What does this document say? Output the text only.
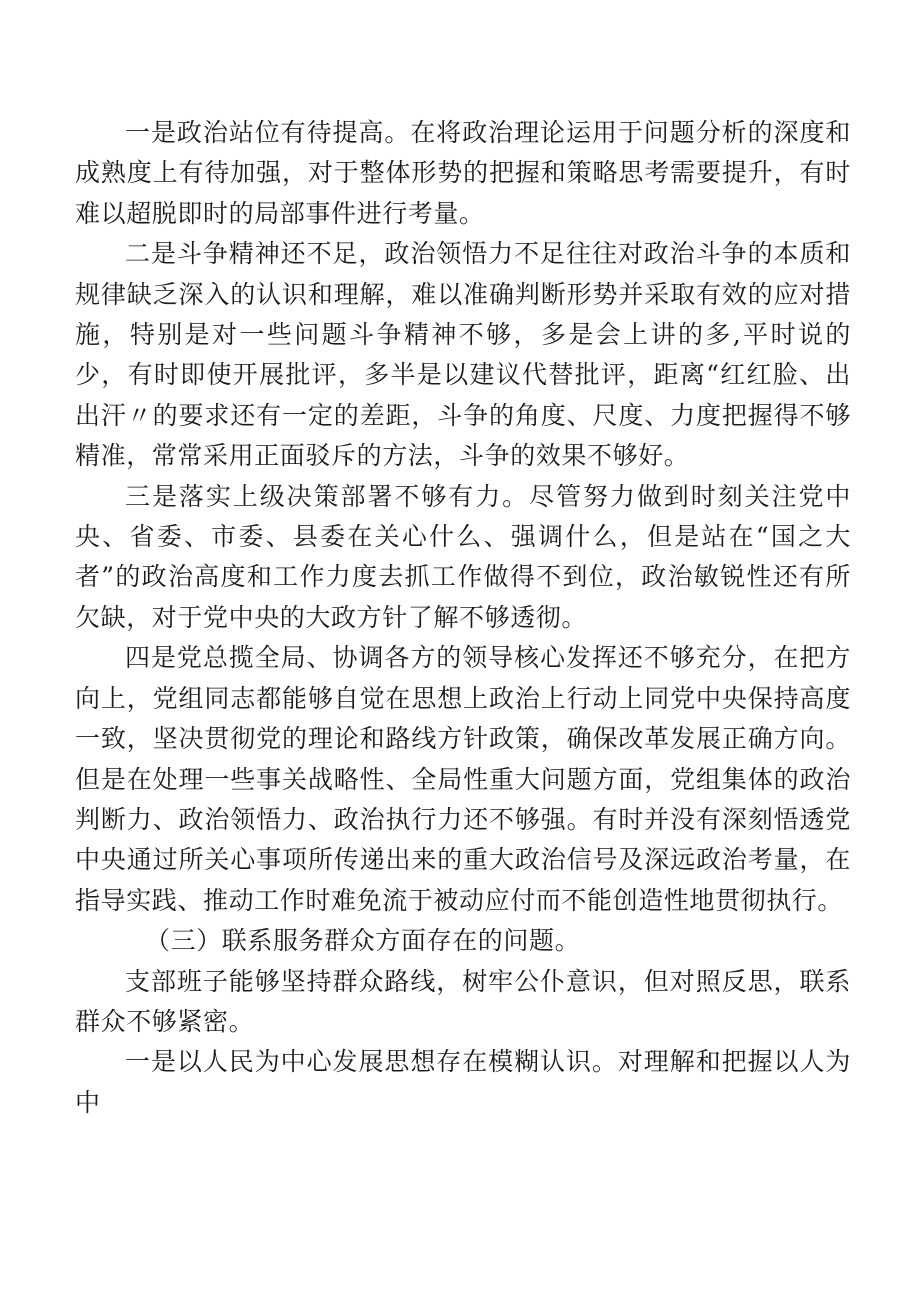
一是政治站位有待提高。在将政治理论运用于问题分析的深度和成熟度上有待加强，对于整体形势的把握和策略思考需要提升，有时难以超脱即时的局部事件进行考量。

二是斗争精神还不足，政治领悟力不足往往对政治斗争的本质和规律缺乏深入的认识和理解，难以准确判断形势并采取有效的应对措施，特别是对一些问题斗争精神不够，多是会上讲的多,平时说的少，有时即使开展批评，多半是以建议代替批评，距离“红红脸、出出汗〃的要求还有一定的差距，斗争的角度、尺度、力度把握得不够精准，常常采用正面驳斥的方法，斗争的效果不够好。

三是落实上级决策部署不够有力。尽管努力做到时刻关注党中央、省委、市委、县委在关心什么、强调什么，但是站在“国之大者”的政治高度和工作力度去抓工作做得不到位，政治敏锐性还有所欠缺，对于党中央的大政方针了解不够透彻。

四是党总揽全局、协调各方的领导核心发挥还不够充分，在把方向上，党组同志都能够自觉在思想上政治上行动上同党中央保持高度一致，坚决贯彻党的理论和路线方针政策，确保改革发展正确方向。但是在处理一些事关战略性、全局性重大问题方面，党组集体的政治判断力、政治领悟力、政治执行力还不够强。有时并没有深刻悟透党中央通过所关心事项所传递出来的重大政治信号及深远政治考量，在指导实践、推动工作时难免流于被动应付而不能创造性地贯彻执行。

（三）联系服务群众方面存在的问题。

支部班子能够坚持群众路线，树牢公仆意识，但对照反思，联系群众不够紧密。

一是以人民为中心发展思想存在模糊认识。对理解和把握以人为中
